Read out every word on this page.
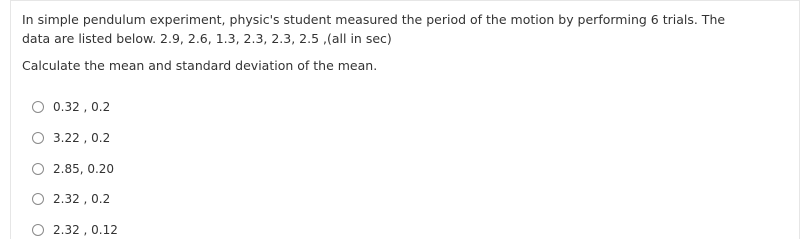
In simple pendulum experiment, physic's student measured the period of the motion by performing 6 trials. The
data are listed below. 2.9, 2.6, 1.3, 2.3, 2.3, 2.5 ,(all in sec)
Calculate the mean and standard deviation of the mean.
0.32 , 0.2
3.22 , 0.2
2.85, 0.20
2.32 , 0.2
2.32 , 0.12
